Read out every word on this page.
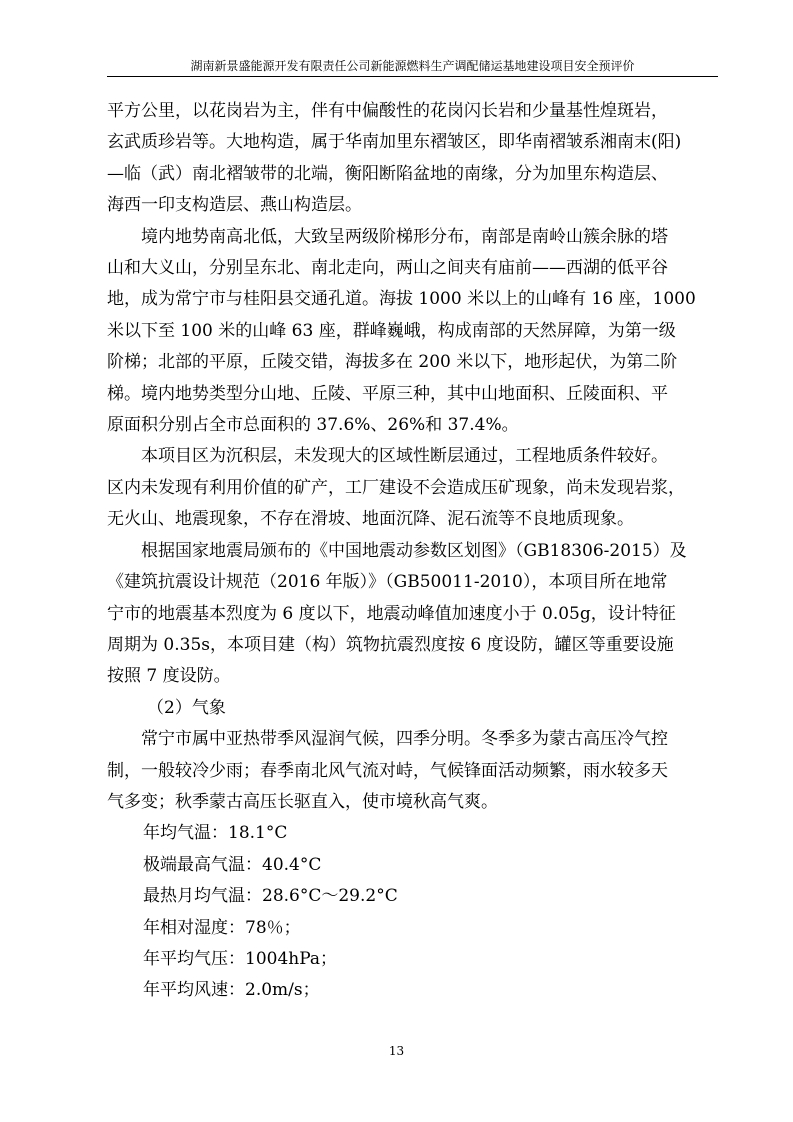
湖南新景盛能源开发有限责任公司新能源燃料生产调配储运基地建设项目安全预评价

平方公里，以花岗岩为主，伴有中偏酸性的花岗闪长岩和少量基性煌斑岩，
玄武质珍岩等。大地构造，属于华南加里东褶皱区，即华南褶皱系湘南末(阳)
—临（武）南北褶皱带的北端，衡阳断陷盆地的南缘，分为加里东构造层、
海西一印支构造层、燕山构造层。

境内地势南高北低，大致呈两级阶梯形分布，南部是南岭山簇余脉的塔
山和大义山，分别呈东北、南北走向，两山之间夹有庙前——西湖的低平谷
地，成为常宁市与桂阳县交通孔道。海拔 1000 米以上的山峰有 16 座，1000
米以下至 100 米的山峰 63 座，群峰巍峨，构成南部的天然屏障，为第一级
阶梯；北部的平原，丘陵交错，海拔多在 200 米以下，地形起伏，为第二阶
梯。境内地势类型分山地、丘陵、平原三种，其中山地面积、丘陵面积、平
原面积分别占全市总面积的 37.6%、26%和 37.4%。

本项目区为沉积层，未发现大的区域性断层通过，工程地质条件较好。
区内未发现有利用价值的矿产，工厂建设不会造成压矿现象，尚未发现岩浆，
无火山、地震现象，不存在滑坡、地面沉降、泥石流等不良地质现象。

根据国家地震局颁布的《中国地震动参数区划图》（GB18306-2015）及
《建筑抗震设计规范（2016 年版）》（GB50011-2010），本项目所在地常
宁市的地震基本烈度为 6 度以下，地震动峰值加速度小于 0.05g，设计特征
周期为 0.35s，本项目建（构）筑物抗震烈度按 6 度设防，罐区等重要设施
按照 7 度设防。

（2）气象

常宁市属中亚热带季风湿润气候，四季分明。冬季多为蒙古高压冷气控
制，一般较冷少雨；春季南北风气流对峙，气候锋面活动频繁，雨水较多天
气多变；秋季蒙古高压长驱直入，使市境秋高气爽。

年均气温：18.1°C

极端最高气温：40.4°C

最热月均气温：28.6°C～29.2°C

年相对湿度：78％；

年平均气压：1004hPa；

年平均风速：2.0m/s；

13
